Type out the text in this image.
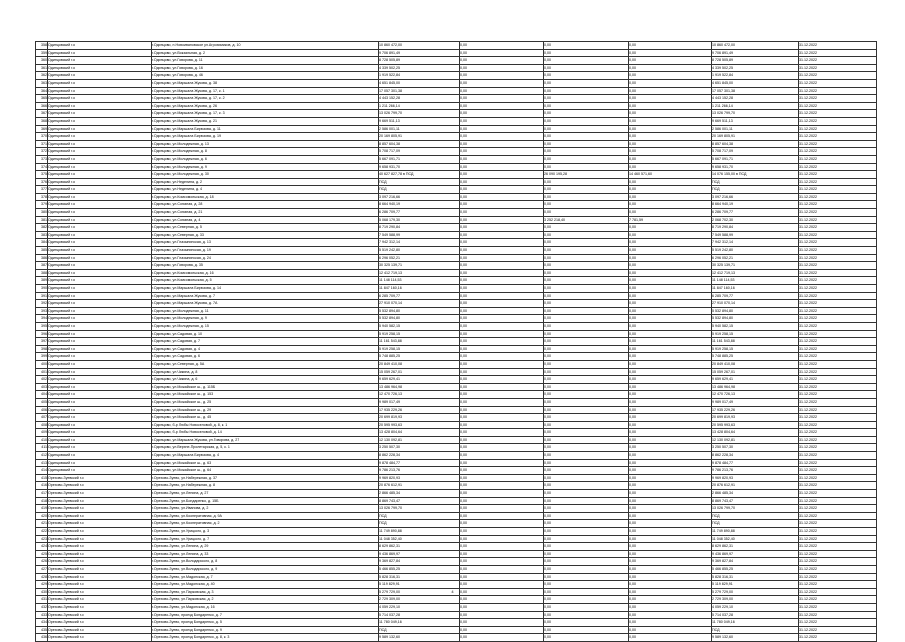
358	Одинцовский г.о	г.Одинцово, п.Новоивановское ул.Агрохимиков, д. 10	10 860 472,00	0,00	0,00	0,00	10 860 472,00	31.12.2022
359	Одинцовский г.о	г.Одинцово, ул.Вокзальная, д. 2	9 706 891,49	0,00	0,00	0,00	9 706 891,49	31.12.2022
360	Одинцовский г.о	г.Одинцово, ул.Говорова, д. 11	8 728 505,89	0,00	0,00	0,00	8 728 505,89	31.12.2022
361	Одинцовский г.о	г.Одинцово, ул.Говорова, д. 16	4 339 502,25	0,00	0,00	0,00	4 339 502,25	31.12.2022
362	Одинцовский г.о	г.Одинцово, ул.Говорова, д. 46	1 919 522,84	0,00	0,00	0,00	1 919 522,84	31.12.2022
363	Одинцовский г.о	г.Одинцово, ул.Маршала Жукова, д. 38	4 651 845,00	0,00	0,00	0,00	4 651 845,00	31.12.2022
364	Одинцовский г.о	г.Одинцово, ул.Маршала Жукова, д. 17, к. 1	17 057 301,38	0,00	0,00	0,00	17 057 301,38	31.12.2022
365	Одинцовский г.о	г.Одинцово, ул.Маршала Жукова, д. 17, к. 2	4 443 152,28	0,00	0,00	0,00	4 443 152,28	31.12.2022
366	Одинцовский г.о	г.Одинцово, ул.Маршала Жукова, д. 26	1 211 266,14	0,00	0,00	0,00	1 211 266,14	31.12.2022
367	Одинцовский г.о	г.Одинцово, ул.Маршала Жукова, д. 17, к. 3	13 026 799,70	0,00	0,00	0,00	13 026 799,70	31.12.2022
368	Одинцовский г.о	г.Одинцово, ул.Маршала Жукова, д. 21	9 669 511,13	0,00	0,00	0,00	9 669 511,13	31.12.2022
369	Одинцовский г.о	г.Одинцово, ул.Маршала Бирюзова, д. 11	2 586 001,11	0,00	0,00	0,00	2 586 001,11	31.12.2022
370	Одинцовский г.о	г.Одинцово, ул.Маршала Бирюзова, д. 19	20 169 805,91	0,00	0,00	0,00	20 169 805,91	31.12.2022
371	Одинцовский г.о	г.Одинцово, ул.Молодежная, д. 13	8 857 604,38	0,00	0,00	0,00	8 857 604,38	31.12.2022
372	Одинцовский г.о	г.Одинцово, ул.Молодежная, д. 8	5 708 717,09	0,00	0,00	0,00	5 708 717,09	31.12.2022
373	Одинцовский г.о	г.Одинцово, ул.Молодежная, д. 6	5 667 091,71	0,00	0,00	0,00	5 667 091,71	31.12.2022
374	Одинцовский г.о	г.Одинцово, ул.Молодежная, д. 9	9 658 931,70	0,00	0,00	0,00	9 658 931,70	31.12.2022
375	Одинцовский г.о	г.Одинцово, ул.Молодежная, д. 30	40 627 827,78 в ПСД	0,00	26 090 195,28	14 460 571,60	14 076 155,00 в ПСД	31.12.2022
376	Одинцовский г.о	г.Одинцово, ул.Неделина, д. 2	ПСД	0,00	0,00	0,00	ПСД	31.12.2022
377	Одинцовский г.о	г.Одинцово, ул.Неделина, д. 4	ПСД	0,00	0,00	0,00	ПСД	31.12.2022
378	Одинцовский г.о	г.Одинцово, ул.Комсомольская, д. 18	3 097 216,66	0,00	0,00	0,00	3 097 216,66	31.12.2022
379	Одинцовский г.о	г.Одинцово, ул.Союзная, д. 28	8 664 940,19	0,00	0,00	0,00	8 664 940,19	31.12.2022
380	Одинцовский г.о	г.Одинцово, ул.Союзная, д. 21	6 286 709,77	0,00	0,00	0,00	6 286 709,77	31.12.2022
381	Одинцовский г.о	г.Одинцово, ул.Союзная, д. 4	5 068 179,30	0,00	3 252 218,40	7 781,59	2 068 702,30	31.12.2022
382	Одинцовский г.о	г.Одинцово, ул.Северная, д. 5	8 719 290,84	0,00	0,00	0,00	8 719 290,84	31.12.2022
383	Одинцовский г.о	г.Одинцово, ул.Северная, д. 33	7 549 588,99	0,00	0,00	0,00	7 549 588,99	31.12.2022
384	Одинцовский г.о	г.Одинцово, ул.Глазынинская, д. 13	7 942 312,14	0,00	0,00	0,00	7 942 312,14	31.12.2022
385	Одинцовский г.о	г.Одинцово, ул.Глазынинская, д. 19	5 519 242,80	0,00	0,00	0,00	5 519 242,80	31.12.2022
386	Одинцовский г.о	г.Одинцово, ул.Глазынинская, д. 24	6 296 052,21	0,00	0,00	0,00	6 296 052,21	31.12.2022
387	Одинцовский г.о	г.Одинцово, ул.Говорова, д. 35	30 325 139,71	0,00	0,00	0,00	30 325 139,71	31.12.2022
388	Одинцовский г.о	г.Одинцово, ул.Комсомольская, д. 16	12 412 719,13	0,00	0,00	0,00	12 412 719,13	31.12.2022
389	Одинцовский г.о	г.Одинцово, ул.Комсомольская, д. 5	11 148 114,53	0,00	0,00	0,00	11 148 114,53	31.12.2022
390	Одинцовский г.о	г.Одинцово, ул.Маршала Бирюзова, д. 14	11 847 160,16	0,00	0,00	0,00	11 847 160,16	31.12.2022
391	Одинцовский г.о	г.Одинцово, ул.Маршала Жукова, д. 7	6 285 709,77	0,00	0,00	0,00	6 285 709,77	31.12.2022
392	Одинцовский г.о	г.Одинцово, ул.Маршала Жукова, д. 7А	27 910 070,14	0,00	0,00	0,00	27 910 070,14	31.12.2022
393	Одинцовский г.о	г.Одинцово, ул.Молодежная, д. 11	5 532 894,80	0,00	0,00	0,00	5 532 894,80	31.12.2022
394	Одинцовский г.о	г.Одинцово, ул.Молодежная, д. 9	5 532 894,80	0,00	0,00	0,00	5 532 894,80	31.12.2022
395	Одинцовский г.о	г.Одинцово, ул.Молодежная, д. 15	5 940 582,15	0,00	0,00	0,00	5 940 582,15	31.12.2022
396	Одинцовский г.о	г.Одинцово, ул.Садовая, д. 10	5 919 258,15	0,00	0,00	0,00	5 919 258,15	31.12.2022
397	Одинцовский г.о	г.Одинцово, ул.Садовая, д. 7	11 161 543,88	0,00	0,00	0,00	11 161 543,88	31.12.2022
398	Одинцовский г.о	г.Одинцово, ул.Садовая, д. 4	5 919 258,15	0,00	0,00	0,00	5 919 258,15	31.12.2022
399	Одинцовский г.о	г.Одинцово, ул.Садовая, д. 6	5 748 885,25	0,00	0,00	0,00	5 748 885,25	31.12.2022
400	Одинцовский г.о	г.Одинцово, ул.Северная, д. 5А	20 849 410,08	0,00	0,00	0,00	20 849 410,08	31.12.2022
401	Одинцовский г.о	г.Одинцово, ул.Чикина, д. 8	15 059 267,01	0,00	0,00	0,00	15 059 267,01	31.12.2022
402	Одинцовский г.о	г.Одинцово, ул.Чикина, д. 6	9 659 629,41	0,00	0,00	0,00	9 659 629,41	31.12.2022
403	Одинцовский г.о	г.Одинцово, ул.Можайское ш., д. 115Б	13 486 964,98	0,00	0,00	0,00	13 486 964,98	31.12.2022
404	Одинцовский г.о	г.Одинцово, ул.Можайское ш., д. 153	12 470 726,13	0,00	0,00	0,00	12 470 726,13	31.12.2022
405	Одинцовский г.о	г.Одинцово, ул.Можайское ш., д. 25	9 989 017,49	0,00	0,00	0,00	9 989 017,49	31.12.2022
406	Одинцовский г.о	г.Одинцово, ул.Можайское ш., д. 29	17 935 229,26	0,00	0,00	0,00	17 935 229,26	31.12.2022
407	Одинцовский г.о	г.Одинцово, ул.Можайское ш., д. 45	20 699 819,93	0,00	0,00	0,00	20 699 819,93	31.12.2022
408	Одинцовский г.о	г.Одинцово, б-р Любы Новоселовой, д. 8, к. 1	20 595 993,63	0,00	0,00	0,00	20 595 993,63	31.12.2022
409	Одинцовский г.о	г.Одинцово, б-р Любы Новоселовой, д. 14	13 428 804,64	0,00	0,00	0,00	13 428 804,64	31.12.2022
410	Одинцовский г.о	г.Одинцово, ул.Маршала Жукова, ул.Говорова, д. 27	12 130 092,81	0,00	0,00	0,00	12 130 092,81	31.12.2022
411	Одинцовский г.о	г.Одинцово, ул.Верхне-Пролетарская, д. 5, к. 1	3 250 507,30	0,00	0,00	0,00	3 250 507,30	31.12.2022
412	Одинцовский г.о	г.Одинцово, ул.Маршала Бирюзова, д. 4	8 862 228,34	0,00	0,00	0,00	8 862 228,34	31.12.2022
413	Одинцовский г.о	г.Одинцово, ул.Можайское ш., д. 63	9 878 484,77	0,00	0,00	0,00	9 878 484,77	31.12.2022
414	Одинцовский г.о	г.Одинцово, ул.Можайское ш., д. 64	9 786 213,76	0,00	0,00	0,00	9 786 213,76	31.12.2022
415	Орехово-Зуевский г.о	г.Орехово-Зуево, ул.Набережная, д. 37	9 969 820,93	0,00	0,00	0,00	9 969 820,93	31.12.2022
416	Орехово-Зуевский г.о	г.Орехово-Зуево, ул.Набережная, д. 8	20 876 612,91	0,00	0,00	0,00	20 876 612,91	31.12.2022
417	Орехово-Зуевский г.о	г.Орехово-Зуево, ул.Ленина, д. 27	2 866 485,34	0,00	0,00	0,00	2 866 485,34	31.12.2022
418	Орехово-Зуевский г.о	г.Орехово-Зуево, ул.Бондаренко, д. 15Б	8 869 743,47	0,00	0,00	0,00	8 869 743,47	31.12.2022
419	Орехово-Зуевский г.о	г.Орехово-Зуево, ул.Иванова, д. 2	13 026 799,70	0,00	0,00	0,00	13 026 799,70	31.12.2022
420	Орехово-Зуевский г.о	г.Орехово-Зуево, ул.Кооперативная, д. 9А	ПСД	0,00	0,00	0,00	ПСД	31.12.2022
421	Орехово-Зуевский г.о	г.Орехово-Зуево, ул.Кооперативная, д. 2	ПСД	0,00	0,00	0,00	ПСД	31.12.2022
422	Орехово-Зуевский г.о	г.Орехово-Зуево, ул.Урицкого, д. 3	11 749 890,88	0,00	0,00	0,00	11 749 890,88	31.12.2022
423	Орехово-Зуевский г.о	г.Орехово-Зуево, ул.Урицкого, д. 7	11 048 352,40	0,00	0,00	0,00	11 048 352,40	31.12.2022
424	Орехово-Зуевский г.о	г.Орехово-Зуево, ул.Ленина, д. 29	8 629 862,31	0,00	0,00	0,00	8 629 862,31	31.12.2022
425	Орехово-Зуевский г.о	г.Орехово-Зуево, ул.Ленина, д. 33	9 436 869,97	0,00	0,00	0,00	9 436 869,97	31.12.2022
426	Орехово-Зуевский г.о	г.Орехово-Зуево, ул.Володарского, д. 8	9 369 827,84	0,00	0,00	0,00	9 369 827,84	31.12.2022
427	Орехово-Зуевский г.о	г.Орехово-Зуево, ул.Володарского, д. 9	5 466 855,25	0,00	0,00	0,00	5 466 855,25	31.12.2022
428	Орехово-Зуевский г.о	г.Орехово-Зуево, ул.Мадонская, д. 7	5 828 316,31	0,00	0,00	0,00	5 828 316,31	31.12.2022
429	Орехово-Зуевский г.о	г.Орехово-Зуево, ул.Мадонская, д. 40	5 119 829,91	0,00	0,00	0,00	5 119 829,91	31.12.2022
430	Орехово-Зуевский г.о	г.Орехово-Зуево, ул.Парковская, д. 3	5 279 729,00	0,00	0,00	0,00	5 279 729,00	31.12.2022
431	Орехово-Зуевский г.о	г.Орехово-Зуево, ул.Парковская, д. 2	2 729 309,00	0,00	0,00	0,00	2 729 309,00	31.12.2022
432	Орехово-Зуевский г.о	г.Орехово-Зуево, ул.Мадонская, д. 16	4 059 229,10	0,00	0,00	0,00	4 059 229,10	31.12.2022
433	Орехово-Зуевский г.о	г.Орехово-Зуево, проезд Бондаренко, д. 7	5 714 037,28	0,00	0,00	0,00	5 714 037,28	31.12.2022
434	Орехово-Зуевский г.о	г.Орехово-Зуево, проезд Бондаренко, д. 5	11 780 049,16	0,00	0,00	0,00	11 780 049,16	31.12.2022
435	Орехово-Зуевский г.о	г.Орехово-Зуево, проезд Бондаренко, д. 9	ПСД	0,00	0,00	0,00	ПСД	31.12.2022
436	Орехово-Зуевский г.о	г.Орехово-Зуево, проезд Бондаренко, д. 8, к. 3	9 589 132,60	0,00	0,00	0,00	9 589 132,60	31.12.2022
4
